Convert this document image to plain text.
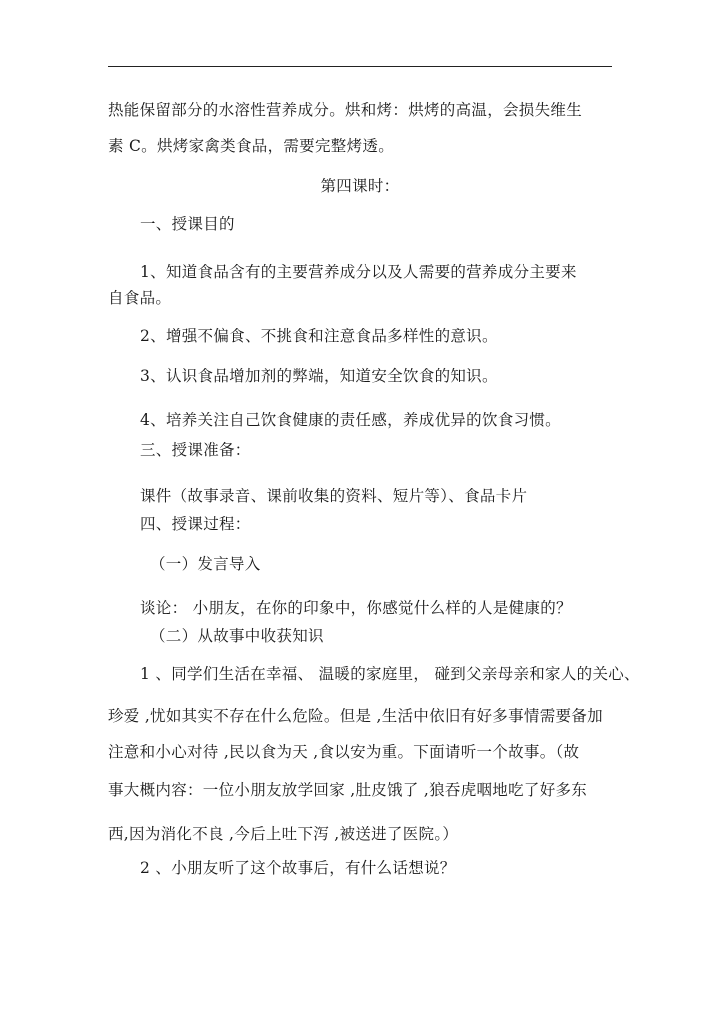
热能保留部分的水溶性营养成分。烘和烤：烘烤的高温，会损失维生
素 C。烘烤家禽类食品，需要完整烤透。
第四课时：
一、授课目的
1、知道食品含有的主要营养成分以及人需要的营养成分主要来
自食品。
2、增强不偏食、不挑食和注意食品多样性的意识。
3、认识食品增加剂的弊端，知道安全饮食的知识。
4、培养关注自己饮食健康的责任感，养成优异的饮食习惯。
三、授课准备：
课件（故事录音、课前收集的资料、短片等）、食品卡片
四、授课过程：
（一）发言导入
谈论： 小朋友，在你的印象中，你感觉什么样的人是健康的？
（二）从故事中收获知识
1 、同学们生活在幸福、 温暖的家庭里， 碰到父亲母亲和家人的关心、
珍爱 ,忧如其实不存在什么危险。但是 ,生活中依旧有好多事情需要备加
注意和小心对待 ,民以食为天 ,食以安为重。下面请听一个故事。（故
事大概内容：一位小朋友放学回家 ,肚皮饿了 ,狼吞虎咽地吃了好多东
西,因为消化不良 ,今后上吐下泻 ,被送进了医院。）
2 、小朋友听了这个故事后，有什么话想说？
